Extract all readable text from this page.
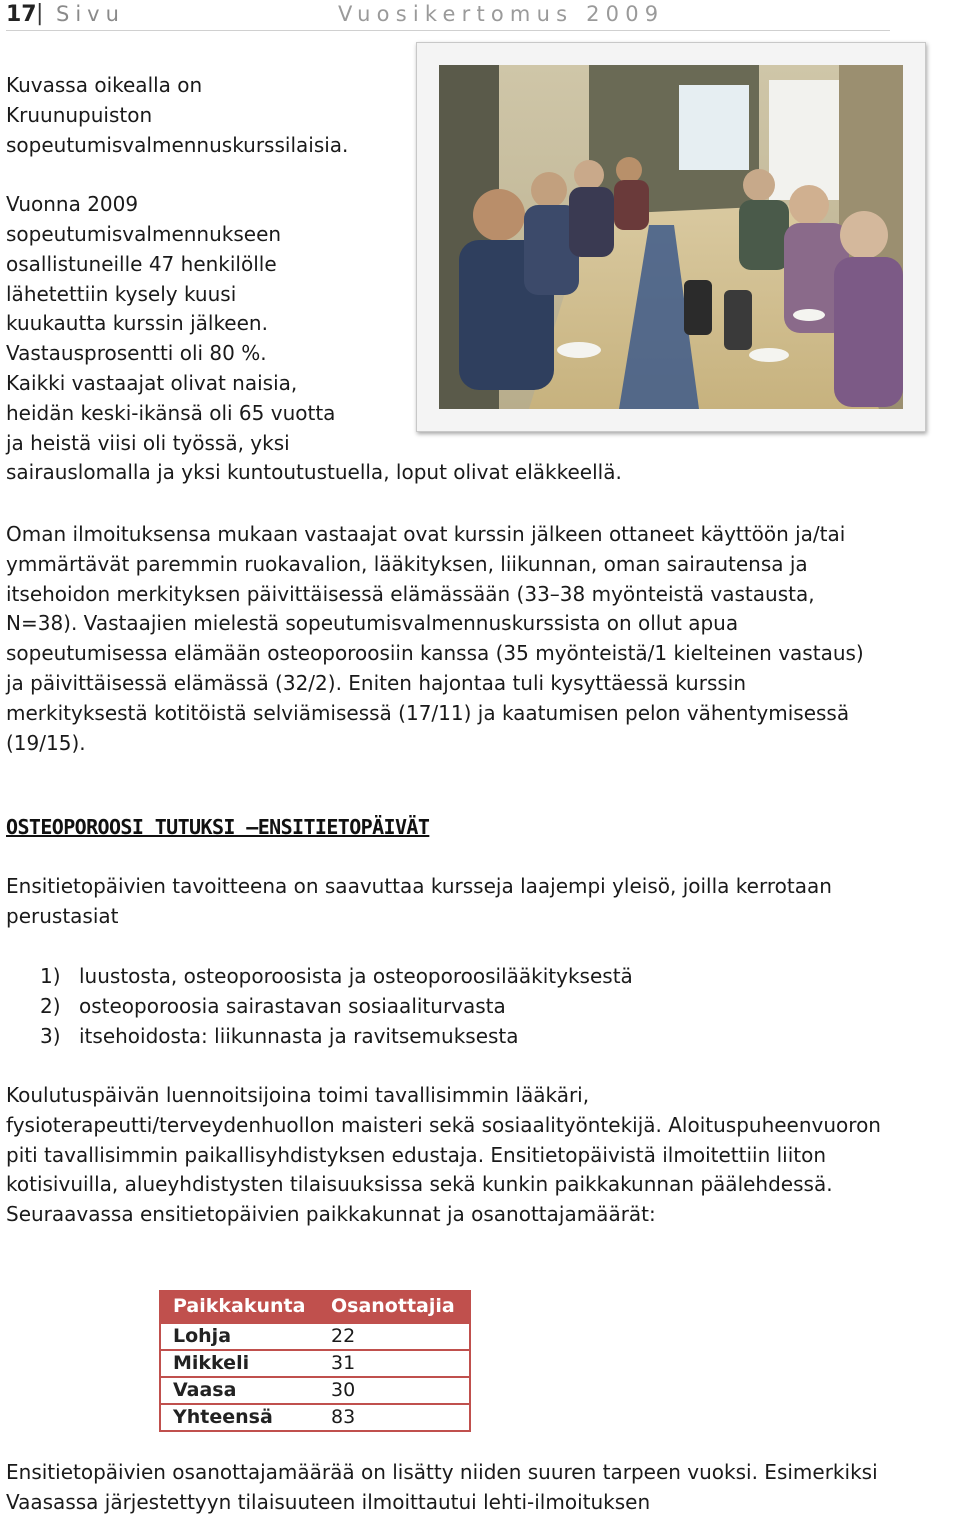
17 | Sivu	Vuosikertomus 2009
Kuvassa oikealla on
Kruunupuiston
sopeutumisvalmennuskurssilaisia.

Vuonna 2009
sopeutumisvalmennukseen
osallistuneille 47 henkilölle
lähetettiin kysely kuusi
kuukautta kurssin jälkeen.
Vastausprosentti oli 80 %.
Kaikki vastaajat olivat naisia,
heidän keski-ikänsä oli 65 vuotta
ja heistä viisi oli työssä, yksi
sairauslomalla ja yksi kuntoutustuella, loput olivat eläkkeellä.

Oman ilmoituksensa mukaan vastaajat ovat kurssin jälkeen ottaneet käyttöön ja/tai ymmärtävät paremmin ruokavalion, lääkityksen, liikunnan, oman sairautensa ja itsehoidon merkityksen päivittäisessä elämässään (33–38 myönteistä vastausta, N=38). Vastaajien mielestä sopeutumisvalmennuskurssista on ollut apua sopeutumisessa elämään osteoporoosiin kanssa (35 myönteistä/1 kielteinen vastaus) ja päivittäisessä elämässä (32/2). Eniten hajontaa tuli kysyttäessä kurssin merkityksestä kotitöistä selviämisessä (17/11) ja kaatumisen pelon vähentymisessä (19/15).

OSTEOPOROOSI TUTUKSI –ENSITIETOPÄIVÄT

Ensitietopäivien tavoitteena on saavuttaa kursseja laajempi yleisö, joilla kerrotaan perustasiat

1) luustosta, osteoporoosista ja osteoporoosilääkityksestä
2) osteoporoosia sairastavan sosiaaliturvasta
3) itsehoidosta: liikunnasta ja ravitsemuksesta

Koulutuspäivän luennoitsijoina toimi tavallisimmin lääkäri, fysioterapeutti/terveydenhuollon maisteri sekä sosiaalityöntekijä. Aloituspuheenvuoron piti tavallisimmin paikallisyhdistyksen edustaja. Ensitietopäivistä ilmoitettiin liiton kotisivuilla, alueyhdistysten tilaisuuksissa sekä kunkin paikkakunnan päälehdessä. Seuraavassa ensitietopäivien paikkakunnat ja osanottajamäärät:

Paikkakunta	Osanottajia
Lohja	22
Mikkeli	31
Vaasa	30
Yhteensä	83

Ensitietopäivien osanottajamäärää on lisätty niiden suuren tarpeen vuoksi. Esimerkiksi Vaasassa järjestettyyn tilaisuuteen ilmoittautui lehti-ilmoituksen
